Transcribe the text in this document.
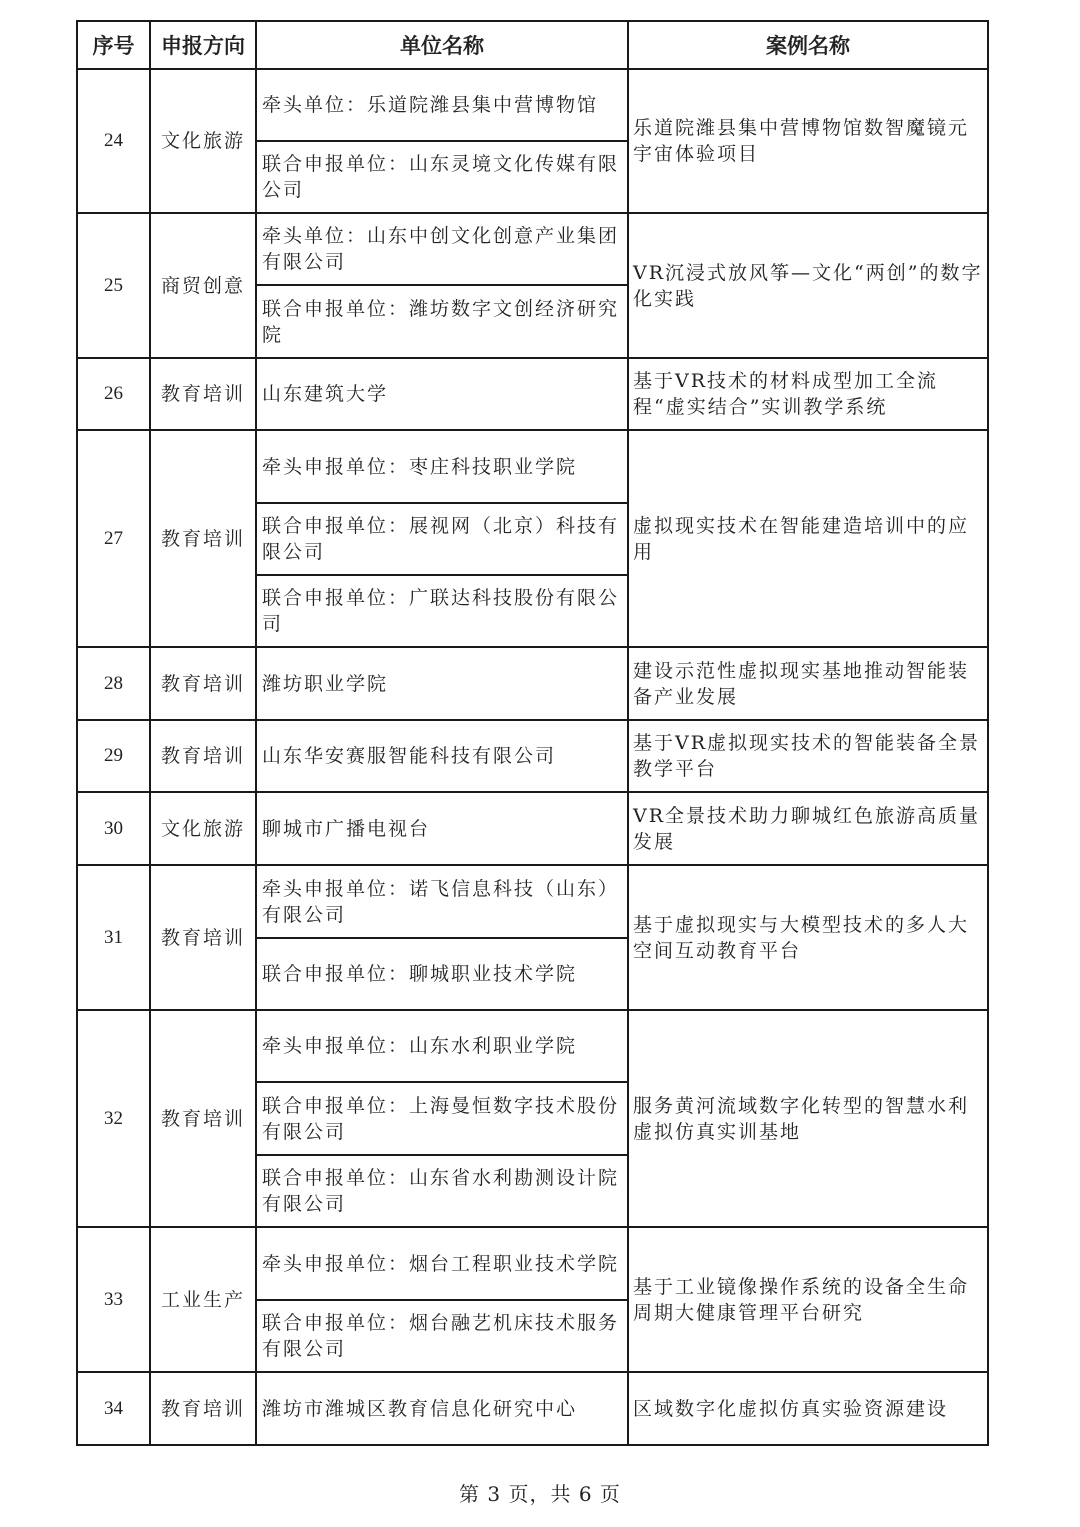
序号	申报方向	单位名称	案例名称
24	文化旅游	牵头单位：乐道院潍县集中营博物馆	乐道院潍县集中营博物馆数智魔镜元宇宙体验项目
		联合申报单位：山东灵境文化传媒有限公司	
25	商贸创意	牵头单位：山东中创文化创意产业集团有限公司	VR沉浸式放风筝—文化“两创”的数字化实践
		联合申报单位：潍坊数字文创经济研究院	
26	教育培训	山东建筑大学	基于VR技术的材料成型加工全流程“虚实结合”实训教学系统
27	教育培训	牵头申报单位：枣庄科技职业学院	虚拟现实技术在智能建造培训中的应用
		联合申报单位：展视网（北京）科技有限公司	
		联合申报单位：广联达科技股份有限公司	
28	教育培训	潍坊职业学院	建设示范性虚拟现实基地推动智能装备产业发展
29	教育培训	山东华安赛服智能科技有限公司	基于VR虚拟现实技术的智能装备全景教学平台
30	文化旅游	聊城市广播电视台	VR全景技术助力聊城红色旅游高质量发展
31	教育培训	牵头申报单位：诺飞信息科技（山东）有限公司	基于虚拟现实与大模型技术的多人大空间互动教育平台
		联合申报单位：聊城职业技术学院	
32	教育培训	牵头申报单位：山东水利职业学院	服务黄河流域数字化转型的智慧水利虚拟仿真实训基地
		联合申报单位：上海曼恒数字技术股份有限公司	
		联合申报单位：山东省水利勘测设计院有限公司	
33	工业生产	牵头申报单位：烟台工程职业技术学院	基于工业镜像操作系统的设备全生命周期大健康管理平台研究
		联合申报单位：烟台融艺机床技术服务有限公司	
34	教育培训	潍坊市潍城区教育信息化研究中心	区域数字化虚拟仿真实验资源建设
第 3 页，共 6 页
